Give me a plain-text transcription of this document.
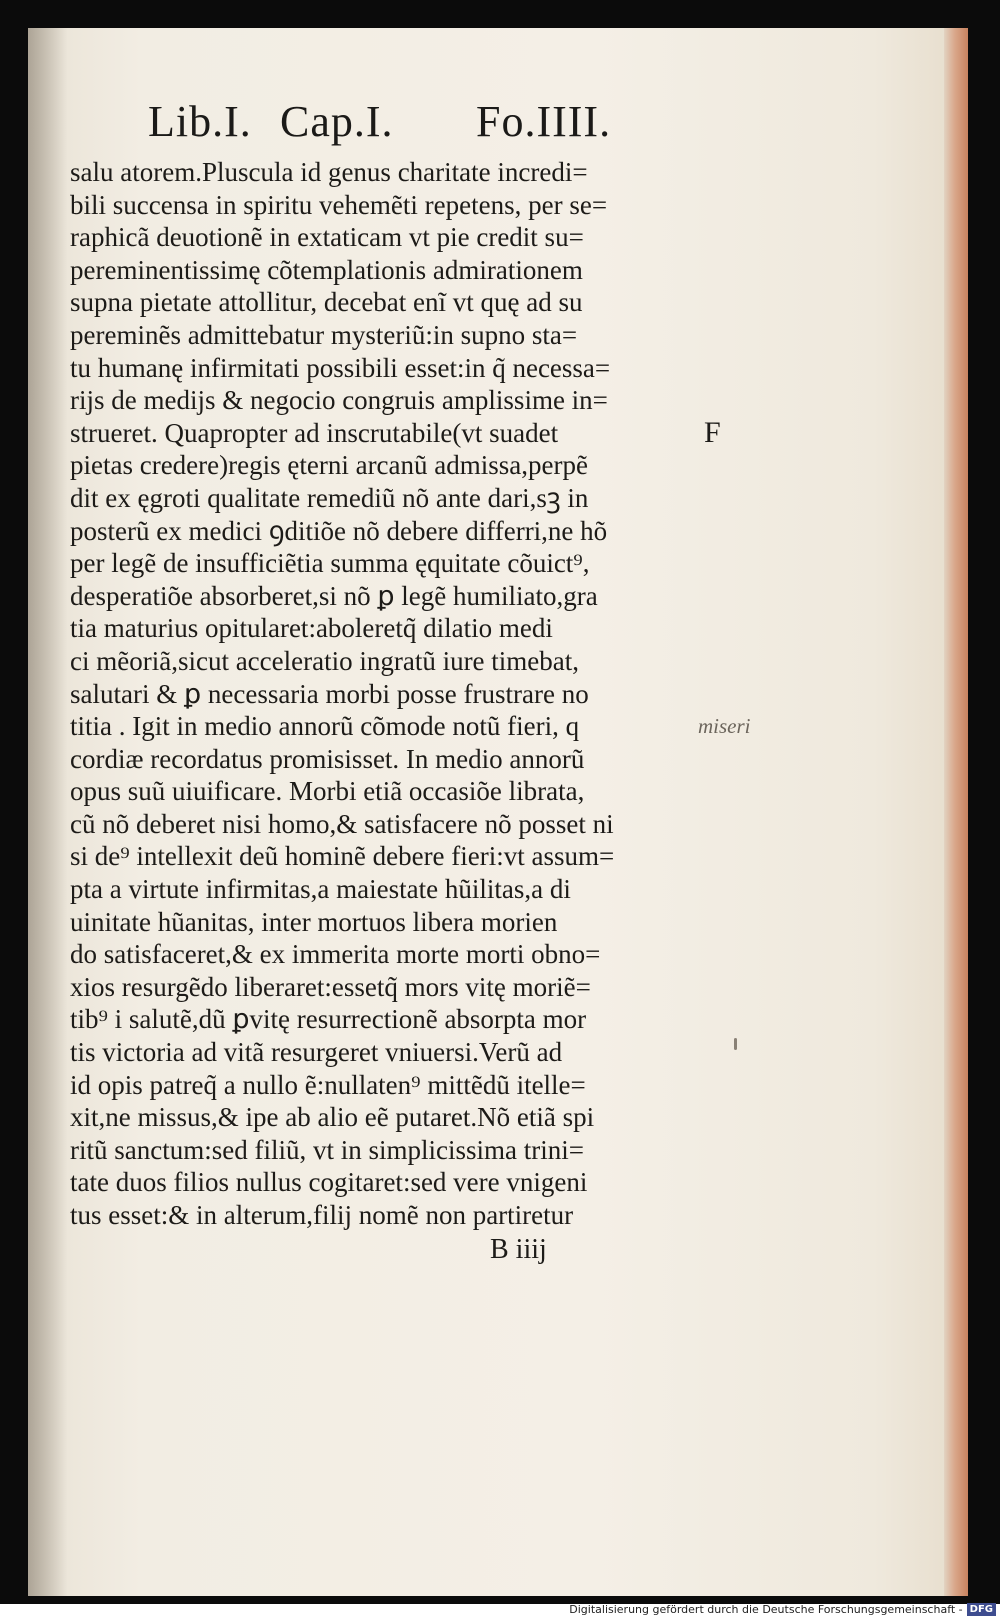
Lib.I. Cap.I. Fo.IIII.
salu atorem.Pluscula id genus charitate incredi=
bili succensa in spiritu vehemẽti repetens, per se=
raphicã deuotionẽ in extaticam vt pie credit su=
pereminentissimę cõtemplationis admirationem
supna pietate attollitur, decebat enĩ vt quę ad su
pereminẽs admittebatur mysteriũ:in supno sta=
tu humanę infirmitati possibili esset:in q̃ necessa=
rijs de medijs & negocio congruis amplissime in=
strueret. Quapropter ad inscrutabile(vt suadet
pietas credere)regis ęterni arcanũ admissa,perpẽ
dit ex ęgroti qualitate remediũ nõ ante dari,sꝫ in
posterũ ex medici ꝯditiõe nõ debere differri,ne hõ
per legẽ de insufficiẽtia summa ęquitate cõuict⁹,
desperatiõe absorberet,si nõ ꝑ legẽ humiliato,gra
tia maturius opitularet:aboleretq̃ dilatio medi
ci mẽoriã,sicut acceleratio ingratũ iure timebat,
salutari & ꝑ necessaria morbi posse frustrare no
titia . Igit in medio annorũ cõmode notũ fieri, q
cordiæ recordatus promisisset. In medio annorũ
opus suũ uiuificare. Morbi etiã occasiõe librata,
cũ nõ deberet nisi homo,& satisfacere nõ posset ni
si de⁹ intellexit deũ hominẽ debere fieri:vt assum=
pta a virtute infirmitas,a maiestate hũilitas,a di
uinitate hũanitas, inter mortuos libera morien
do satisfaceret,& ex immerita morte morti obno=
xios resurgẽdo liberaret:essetq̃ mors vitę moriẽ=
tib⁹ i salutẽ,dũ ꝑvitę resurrectionẽ absorpta mor
tis victoria ad vitã resurgeret vniuersi.Verũ ad
id opis patreq̃ a nullo ẽ:nullaten⁹ mittẽdũ itelle=
xit,ne missus,& ipe ab alio eẽ putaret.Nõ etiã spi
ritũ sanctum:sed filiũ, vt in simplicissima trini=
tate duos filios nullus cogitaret:sed vere vnigeni
tus esset:& in alterum,filij nomẽ non partiretur
F
miseri
B iiij
Digitalisierung gefördert durch die Deutsche Forschungsgemeinschaft - DFG
